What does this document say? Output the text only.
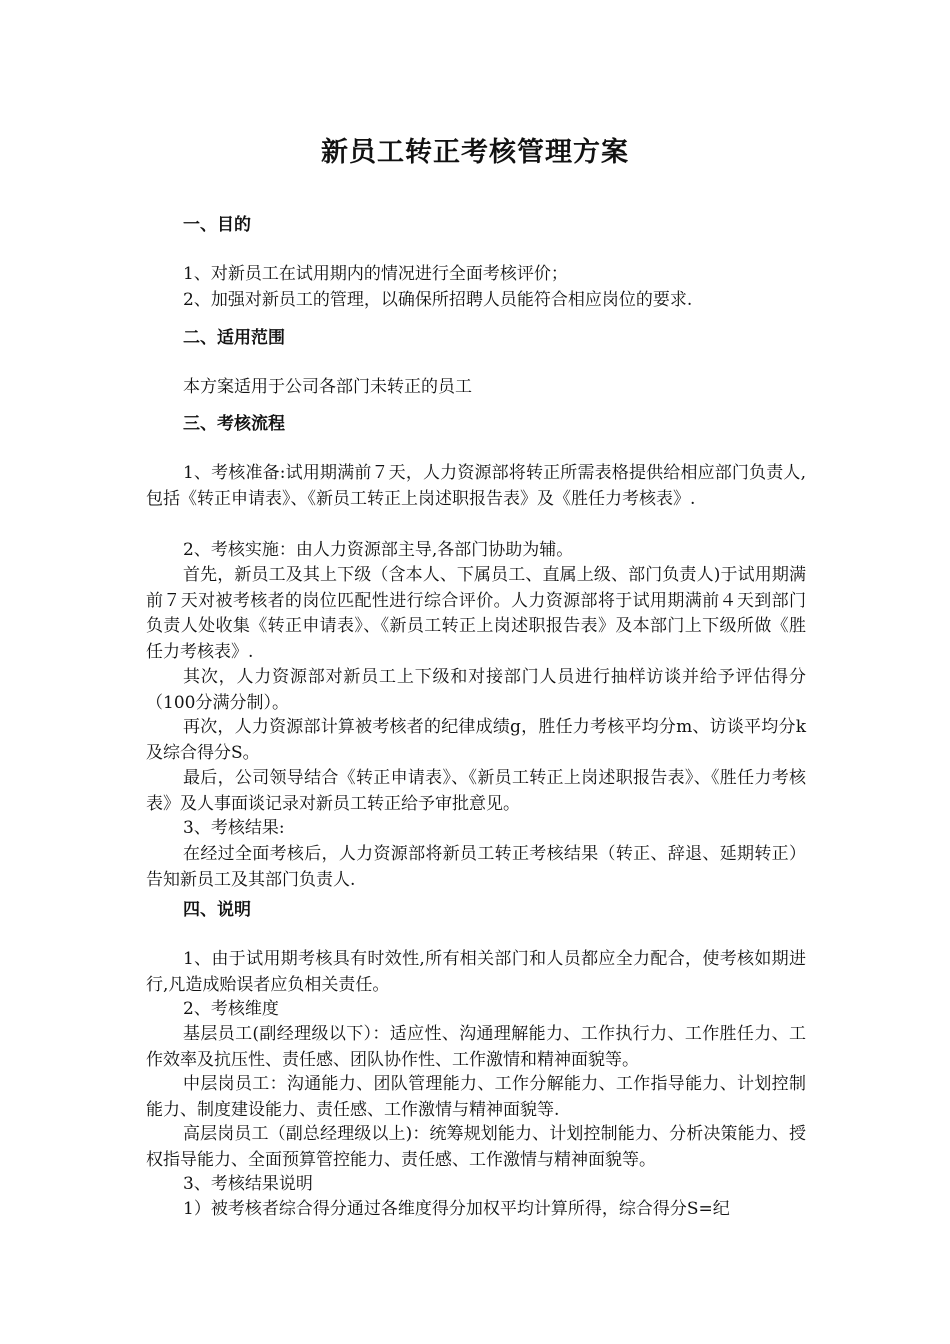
新员工转正考核管理方案
一、目的
1、对新员工在试用期内的情况进行全面考核评价；
2、加强对新员工的管理，以确保所招聘人员能符合相应岗位的要求.
二、适用范围
本方案适用于公司各部门未转正的员工
三、考核流程
1、考核准备:试用期满前７天，人力资源部将转正所需表格提供给相应部门负责人,包括《转正申请表》、《新员工转正上岗述职报告表》及《胜任力考核表》.
2、考核实施：由人力资源部主导,各部门协助为辅。
首先，新员工及其上下级（含本人、下属员工、直属上级、部门负责人)于试用期满前７天对被考核者的岗位匹配性进行综合评价。人力资源部将于试用期满前４天到部门负责人处收集《转正申请表》、《新员工转正上岗述职报告表》及本部门上下级所做《胜任力考核表》.
其次，人力资源部对新员工上下级和对接部门人员进行抽样访谈并给予评估得分（100分满分制）。
再次，人力资源部计算被考核者的纪律成绩g，胜任力考核平均分m、访谈平均分k及综合得分S。
最后，公司领导结合《转正申请表》、《新员工转正上岗述职报告表》、《胜任力考核表》及人事面谈记录对新员工转正给予审批意见。
3、考核结果:
在经过全面考核后，人力资源部将新员工转正考核结果（转正、辞退、延期转正）告知新员工及其部门负责人.
四、说明
1、由于试用期考核具有时效性,所有相关部门和人员都应全力配合，使考核如期进行,凡造成贻误者应负相关责任。
2、考核维度
基层员工(副经理级以下）：适应性、沟通理解能力、工作执行力、工作胜任力、工作效率及抗压性、责任感、团队协作性、工作激情和精神面貌等。
中层岗员工：沟通能力、团队管理能力、工作分解能力、工作指导能力、计划控制能力、制度建设能力、责任感、工作激情与精神面貌等.
高层岗员工（副总经理级以上)：统筹规划能力、计划控制能力、分析决策能力、授权指导能力、全面预算管控能力、责任感、工作激情与精神面貌等。
3、考核结果说明
1）被考核者综合得分通过各维度得分加权平均计算所得，综合得分S=纪
